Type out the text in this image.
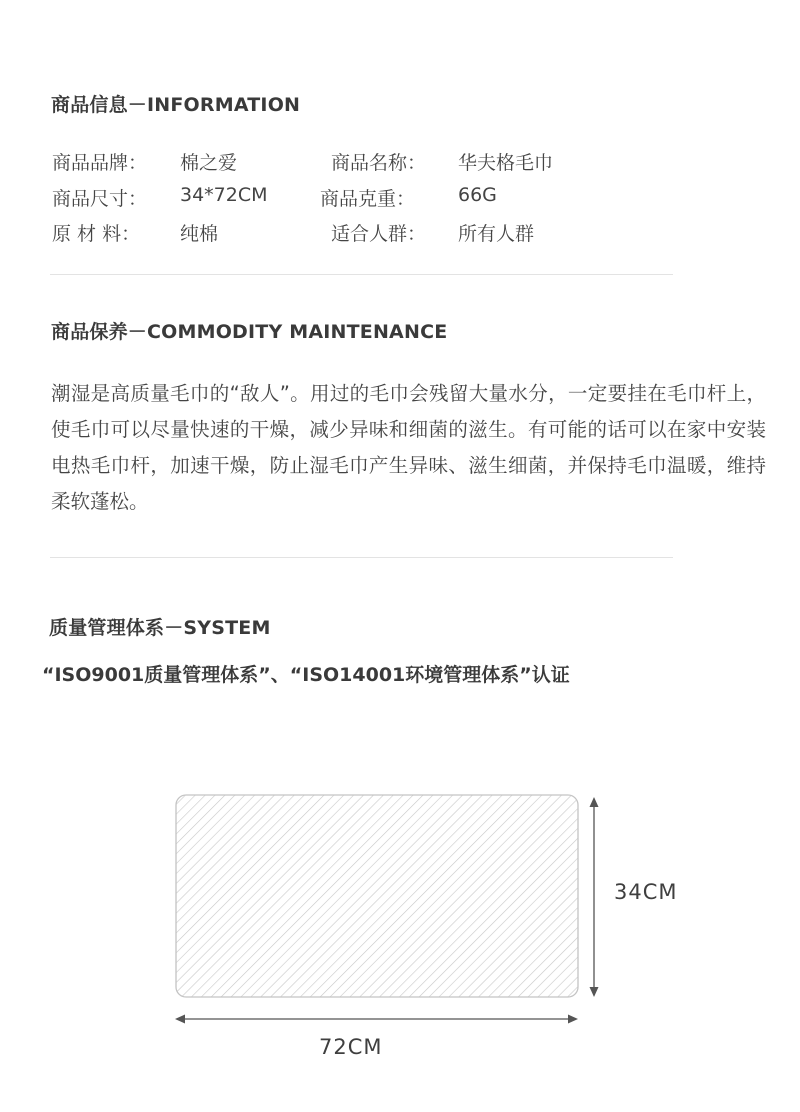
商品信息－INFORMATION
商品品牌： 棉之爱	商品名称： 华夫格毛巾
商品尺寸： 34*72CM	商品克重： 66G
原 材 料： 纯棉	适合人群： 所有人群
商品保养－COMMODITY MAINTENANCE
潮湿是高质量毛巾的“敌人”。用过的毛巾会残留大量水分，一定要挂在毛巾杆上，使毛巾可以尽量快速的干燥，减少异味和细菌的滋生。有可能的话可以在家中安装电热毛巾杆，加速干燥，防止湿毛巾产生异味、滋生细菌，并保持毛巾温暖，维持柔软蓬松。
质量管理体系－SYSTEM
“ISO9001质量管理体系”、“ISO14001环境管理体系”认证
34CM
72CM
